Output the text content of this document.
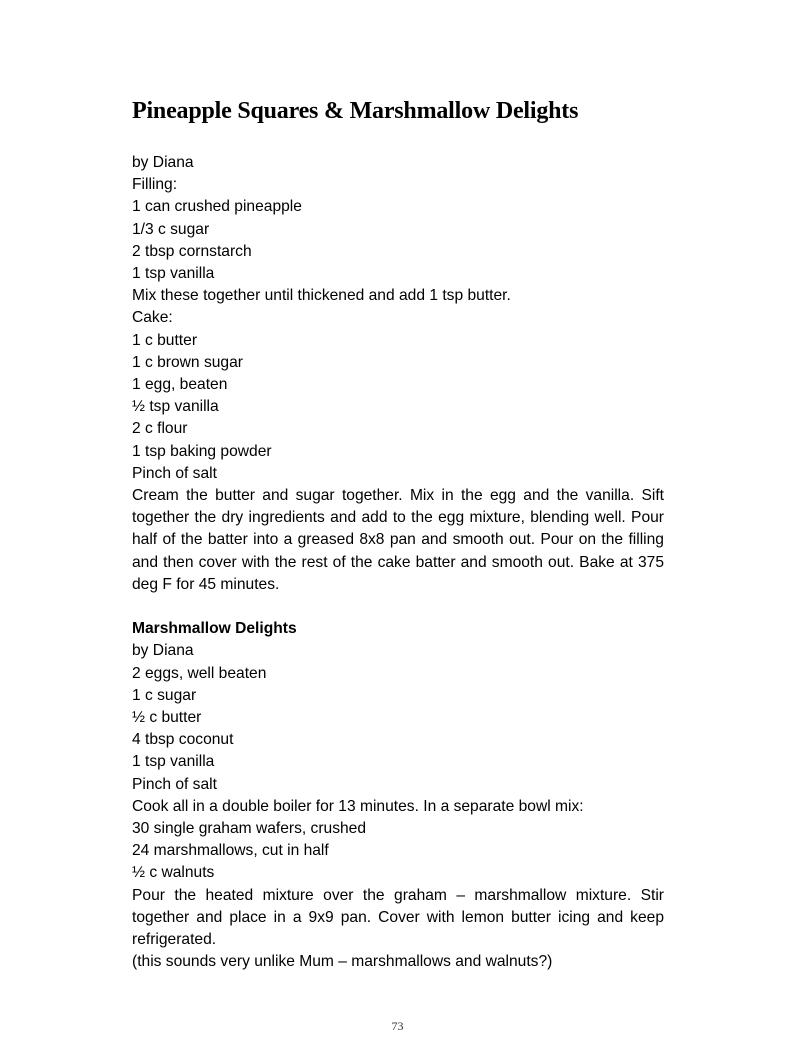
Pineapple Squares & Marshmallow Delights
by Diana
Filling:
1 can crushed pineapple
1/3 c sugar
2 tbsp cornstarch
1 tsp vanilla
Mix these together until thickened and add 1 tsp butter.
Cake:
1 c butter
1 c brown sugar
1 egg, beaten
½ tsp vanilla
2 c flour
1 tsp baking powder
Pinch of salt
Cream the butter and sugar together. Mix in the egg and the vanilla. Sift together the dry ingredients and add to the egg mixture, blending well. Pour half of the batter into a greased 8x8 pan and smooth out. Pour on the filling and then cover with the rest of the cake batter and smooth out. Bake at 375 deg F for 45 minutes.
Marshmallow Delights
by Diana
2 eggs, well beaten
1 c sugar
½ c butter
4 tbsp coconut
1 tsp vanilla
Pinch of salt
Cook all in a double boiler for 13 minutes. In a separate bowl mix:
30 single graham wafers, crushed
24 marshmallows, cut in half
½ c walnuts
Pour the heated mixture over the graham – marshmallow mixture. Stir together and place in a 9x9 pan. Cover with lemon butter icing and keep refrigerated.
(this sounds very unlike Mum – marshmallows and walnuts?)
73
